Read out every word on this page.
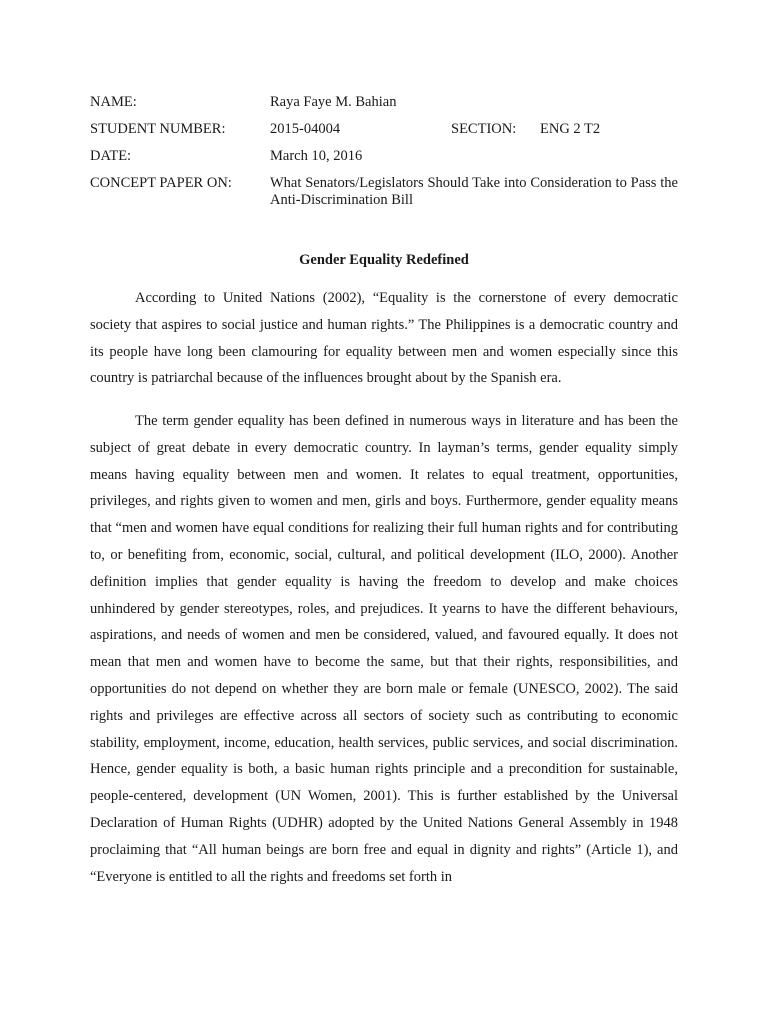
NAME:	Raya Faye M. Bahian
STUDENT NUMBER:	2015-04004	SECTION: ENG 2 T2
DATE:	March 10, 2016
CONCEPT PAPER ON:	What Senators/Legislators Should Take into Consideration to Pass the Anti-Discrimination Bill
Gender Equality Redefined

According to United Nations (2002), “Equality is the cornerstone of every democratic society that aspires to social justice and human rights.” The Philippines is a democratic country and its people have long been clamouring for equality between men and women especially since this country is patriarchal because of the influences brought about by the Spanish era.

The term gender equality has been defined in numerous ways in literature and has been the subject of great debate in every democratic country. In layman’s terms, gender equality simply means having equality between men and women. It relates to equal treatment, opportunities, privileges, and rights given to women and men, girls and boys. Furthermore, gender equality means that “men and women have equal conditions for realizing their full human rights and for contributing to, or benefiting from, economic, social, cultural, and political development (ILO, 2000). Another definition implies that gender equality is having the freedom to develop and make choices unhindered by gender stereotypes, roles, and prejudices. It yearns to have the different behaviours, aspirations, and needs of women and men be considered, valued, and favoured equally. It does not mean that men and women have to become the same, but that their rights, responsibilities, and opportunities do not depend on whether they are born male or female (UNESCO, 2002). The said rights and privileges are effective across all sectors of society such as contributing to economic stability, employment, income, education, health services, public services, and social discrimination. Hence, gender equality is both, a basic human rights principle and a precondition for sustainable, people-centered, development (UN Women, 2001). This is further established by the Universal Declaration of Human Rights (UDHR) adopted by the United Nations General Assembly in 1948 proclaiming that “All human beings are born free and equal in dignity and rights” (Article 1), and “Everyone is entitled to all the rights and freedoms set forth in
